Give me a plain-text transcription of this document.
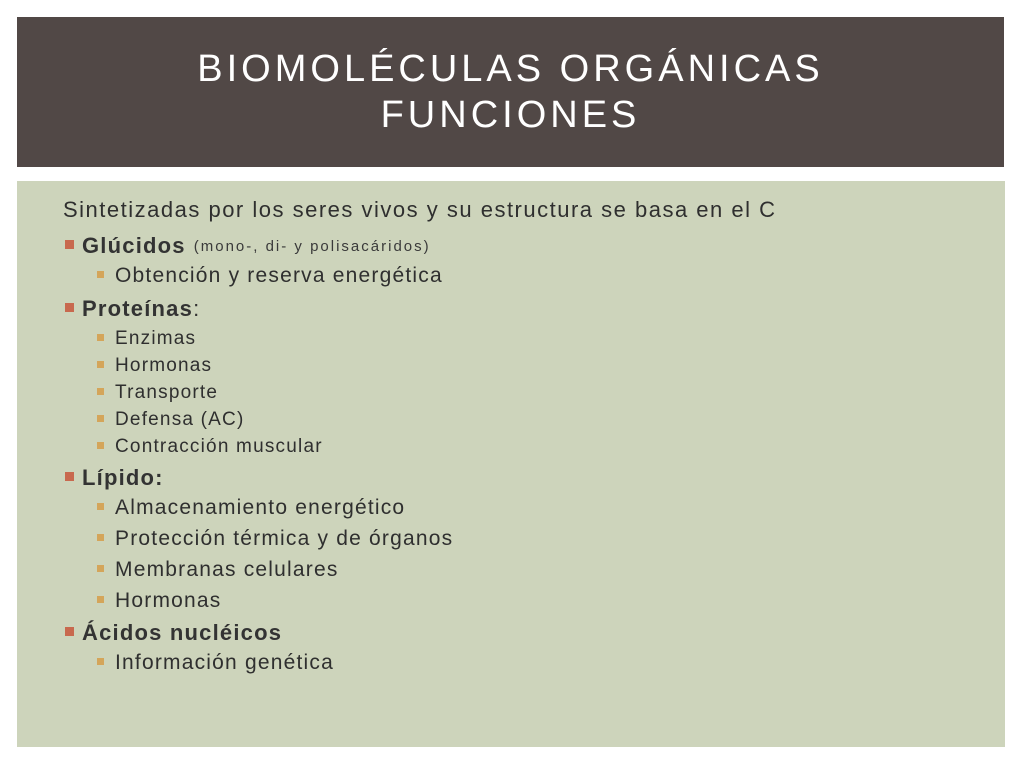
BIOMOLÉCULAS ORGÁNICAS
FUNCIONES
Sintetizadas por los seres vivos y su estructura se basa en el C
Glúcidos (mono-, di- y polisacáridos)
Obtención y reserva energética
Proteínas :
Enzimas
Hormonas
Transporte
Defensa (AC)
Contracción muscular
Lípido:
Almacenamiento energético
Protección térmica y de órganos
Membranas celulares
Hormonas
Ácidos nucléicos
Información genética
